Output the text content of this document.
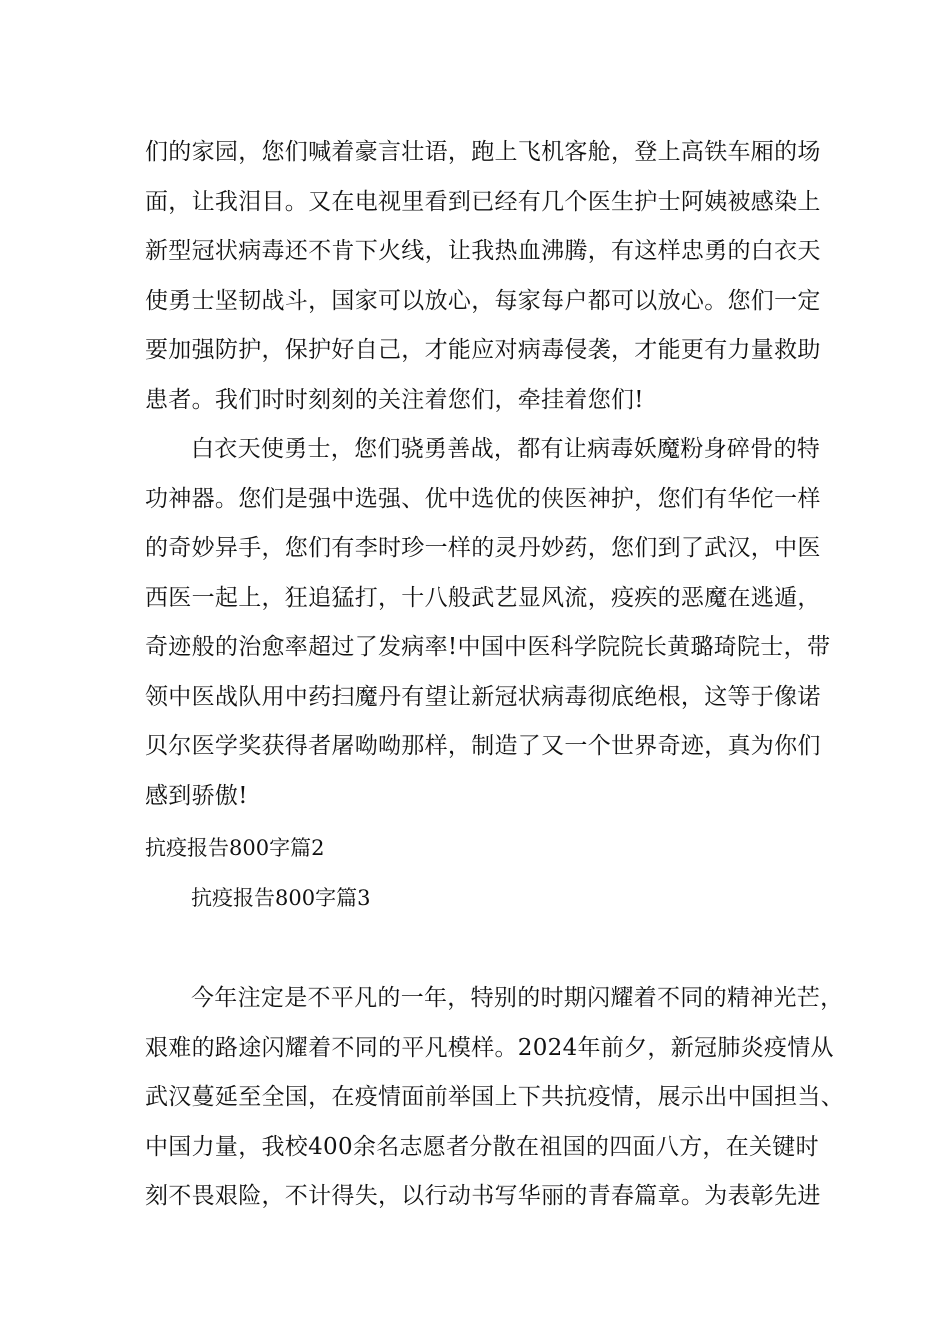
们的家园，您们喊着豪言壮语，跑上飞机客舱，登上高铁车厢的场
面，让我泪目。又在电视里看到已经有几个医生护士阿姨被感染上
新型冠状病毒还不肯下火线，让我热血沸腾，有这样忠勇的白衣天
使勇士坚韧战斗，国家可以放心，每家每户都可以放心。您们一定
要加强防护，保护好自己，才能应对病毒侵袭，才能更有力量救助
患者。我们时时刻刻的关注着您们，牵挂着您们!
白衣天使勇士，您们骁勇善战，都有让病毒妖魔粉身碎骨的特
功神器。您们是强中选强、优中选优的侠医神护，您们有华佗一样
的奇妙异手，您们有李时珍一样的灵丹妙药，您们到了武汉，中医
西医一起上，狂追猛打，十八般武艺显风流，疫疾的恶魔在逃遁，
奇迹般的治愈率超过了发病率!中国中医科学院院长黄璐琦院士，带
领中医战队用中药扫魔丹有望让新冠状病毒彻底绝根，这等于像诺
贝尔医学奖获得者屠呦呦那样，制造了又一个世界奇迹，真为你们
感到骄傲!
抗疫报告800字篇2
抗疫报告800字篇3
今年注定是不平凡的一年，特别的时期闪耀着不同的精神光芒，
艰难的路途闪耀着不同的平凡模样。2024年前夕，新冠肺炎疫情从
武汉蔓延至全国，在疫情面前举国上下共抗疫情，展示出中国担当、
中国力量，我校400余名志愿者分散在祖国的四面八方，在关键时
刻不畏艰险，不计得失，以行动书写华丽的青春篇章。为表彰先进
